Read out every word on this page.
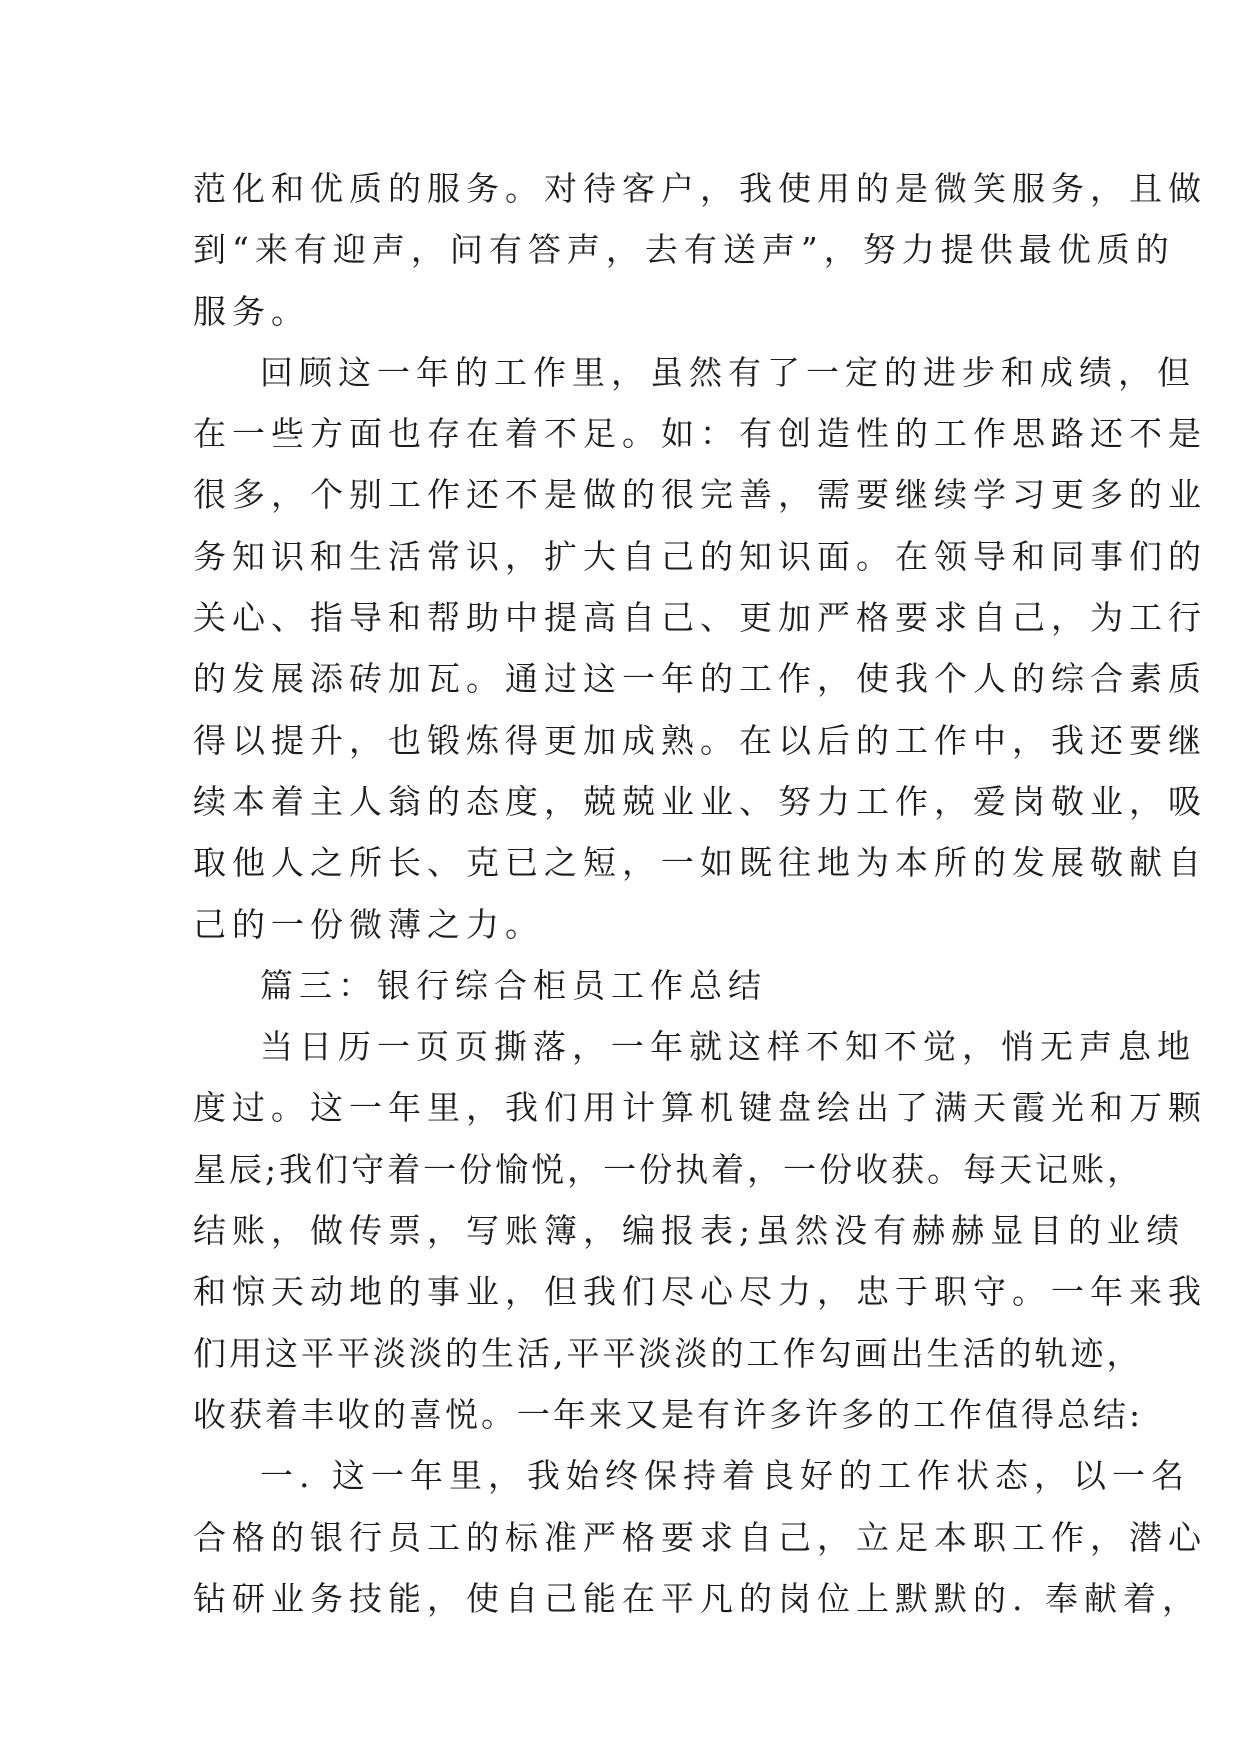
范化和优质的服务。对待客户，我使用的是微笑服务，且做
到“来有迎声，问有答声，去有送声”，努力提供最优质的
服务。
回顾这一年的工作里，虽然有了一定的进步和成绩，但
在一些方面也存在着不足。如：有创造性的工作思路还不是
很多，个别工作还不是做的很完善，需要继续学习更多的业
务知识和生活常识，扩大自己的知识面。在领导和同事们的
关心、指导和帮助中提高自己、更加严格要求自己，为工行
的发展添砖加瓦。通过这一年的工作，使我个人的综合素质
得以提升，也锻炼得更加成熟。在以后的工作中，我还要继
续本着主人翁的态度，兢兢业业、努力工作，爱岗敬业，吸
取他人之所长、克已之短，一如既往地为本所的发展敬献自
己的一份微薄之力。
篇三：银行综合柜员工作总结
当日历一页页撕落，一年就这样不知不觉，悄无声息地
度过。这一年里，我们用计算机键盘绘出了满天霞光和万颗
星辰;我们守着一份愉悦，一份执着，一份收获。每天记账，
结账，做传票，写账簿，编报表;虽然没有赫赫显目的业绩
和惊天动地的事业，但我们尽心尽力，忠于职守。一年来我
们用这平平淡淡的生活,平平淡淡的工作勾画出生活的轨迹，
收获着丰收的喜悦。一年来又是有许多许多的工作值得总结:
一. 这一年里，我始终保持着良好的工作状态，以一名
合格的银行员工的标准严格要求自己，立足本职工作，潜心
钻研业务技能，使自己能在平凡的岗位上默默的. 奉献着，
